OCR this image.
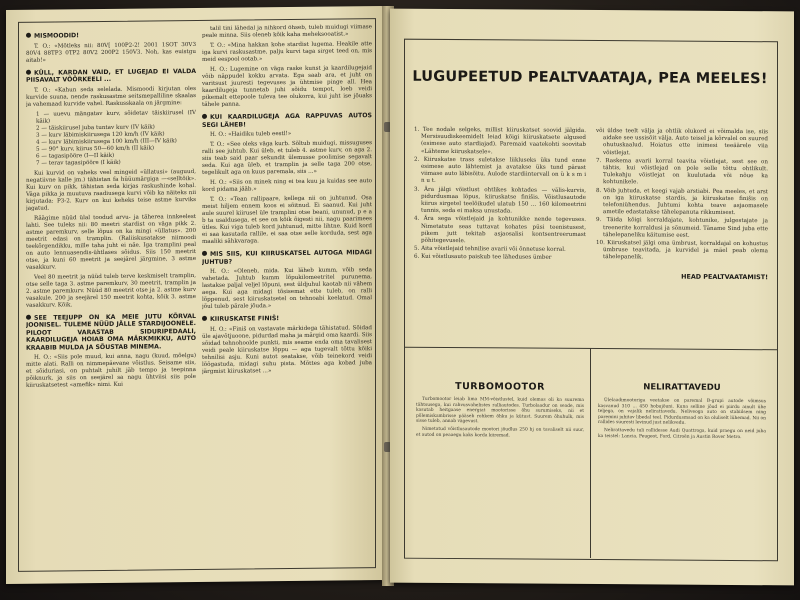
MISMOODID!
T. O.: «Mõtleks nii: 80V[ 100P2-2! 2001 1SOT 30V3 80V4 88TP3 0TP2 80V2 200P2 150V3. Noh, kas euistgu aitab!»
KÜLL, KARDAN VAID, ET LUGEJAD EI VALDA PIISAVALT VÕÕRKEELI ...
T. O.: «Kahun seda selelada. Mismoodi kirjutan oles kurvide suuna, nende raskusastme seitsmepalliline skaalas ja vahemaad kurvide vahel. Raskusskaala on järgmine:
1 — uuevu mängatav kurv, sõidetav täiskiirusel (IV käik)
2 — täiskiirusel juba tuntav kurv (IV käik)
3 — kurv läbimiskiirusega 120 km/h (IV käik)
4 — kurv läbimiskiirusega 100 km/h (III—IV käik)
5 — 90° kurv, kiirus 50—60 km/h (II käik)
6 — tagasipööre (I—II käik)
7 — terav tagasipööre (I käik)
Kui kurvid on vaheks veel mingeid «üllatusi» (auguud, negatiivne kalle jm.) tähistan fa hüüumärgiga —«selltõik». Kui kurv on pikk, tähistan seda kirjas raskushinde kohal. Väga pikka ja muutuva raadiusega kurvi võib ka näiteks nii kirjutada: P3-2. Kurv on kui keheks teise astme kurviks jagatud.
Räägime nüüd ülal toodud arvu- ja täherea innkeelest lahti. See tuleks nii: 80 meetri stardist on väga pikk 2. astme paremkurv, selle lõpus on ka mingi «üllatus». 200 meetrit edasi on tramplin. (Raliiskusatakse niimoodi teekõrgendikku, mille taha juht ei näe. Iga tramplini peal on auto lennuasendis-ühtlases sõidus. Siis 150 meetrit otse, ja kuni 60 meetrit ja seejärel järgmine, 3 astme vasakkurv.
Veel 80 meetrit ja nüüd tuleb terve keskmiselt tramplin, otse selle taga 3. astme paremkurv, 30 meetrit, tramplin ja 2. astme paremkurv. Nüüd 80 meetrit otse ja 2. astme kurv vasakule. 200 ja seejärel 150 meetrit kohta, kõik 3. astme vasakkurv. Kõik.
SEE TEEJUPP ON KA MEIE JUTU KÕRVAL JOONISEL. TULEME NÜÜD JÄLLE STARDIJOONELE. PILOOT VARASTAB SIDURIPEDAALI, KAARDILUGEJA HOIAB OMA MÄRKMIKKU, AUTO KRAABIB MULDA JA SÕUSTAB MINEMA.
H. O.: «Siis pole muud, kui anna, nagu (kuud, mõelgu) mitte alati. Ralli on nimmepäevane võistlus. Seisame siis, et sõiduriasi, on puhtalt juhilt jäb tempo ja teepinna põiknurk, ja siis on seejärel sa nagu ühtviisi siis pole kiiruskatsetest «amefik» nimi. Kui
talil tini lähedal ja nihkord õhseb, tuleb muidugi viimase peale minna. Siis oleneb kõik kaha meheksooatist.»
T. O.: «Mina hakkan kohe stardist lugema. Heakile atte iga kurvi raskusastme, palju kurvi taga sirget teed on, mis meid eespool ootab.»
H. O.: Lugemine on väga raske kunst ja kaardilugejaid võib näppudel kokku arvata. Ega saab ara, et juht on varitsust juuresti tegevuses ja ühtmise pinge all. Hea kaardilugeja tunnetab juhi sõidu tempot, loeb veidi pikemalt ettepoole tuleva tee olukorra, kui juht ise jõuaks tähele panna.
KUI KAARDILUGEJA AGA RAPPUVAS AUTOS SEGI LÄHEB!
H. O.: «Haidiku tuleb eestl!»
T. O.: «See oleks väga kurb. Sõltub muidugi, missuguses ralli see juhtub. Kui üleb, et tuleb 4. astme kurv, on aga 2. siis teab said paar sekundit ülemusse poolimise segavalt seda. Kui aga üleb, et tramplin ja selle taga 200 otse, tegelikult aga on kuus paremala, siis ...»
H. O.: «Siis on minek ning ei tea kuu ja kuidas see auto kord pidama jääb.»
T. O.: «Tean rallipaare, kellega nii on juhtunud. Osa meist hiljem ennem koos ei sõitnud. Ei saanud. Kui juht aule suurel kiirusel üle tramplini otse beani, ununud, p e a b ta usaldusega, et see on kõik õigesti nii, nagu paarimees ütles. Kui viga tuleb kord juhtunud, mitte lihtne. Kuid kord ei saa kasutada rallile, ei saa otse selle korduda, sest aga maaliki sähkvaraga.
MIS SIIS, KUI KIIRUSKATSEL AUTOGA MIDAGI JUHTUB?
H. O.: «Oleneb, mida. Kui läheb kumm, võib seda vahetada. Juhtub kumm lõpukilomeetritel purunema, lastakse paljal veljel lõpuni, sest üldjuhul kaotab nii vähem aega. Kui aga midagi tõsisemat ette tuleb, on ralli lõppenud, sest kiiruskatsetel on tehnoabi keelatud. Omal jõul tuleb pärale jõuda.»
KIIRUSKATSE FINIŠ!
H. O.: «Finiš on vastavate märkidega tähistatud. Sõidad üle ajavõtjuoone, pidurdad maha ja märgid oma kaardi. Siis sõidad tehnohoolde punkti, mis seame enda oma tavalisest veidi peale kiiruskatse lõppu — aga tugevalt tõttu kõiki tehnilisi asju. Kuni autot seatakse, võib teinekord veidi lõõgastuda, midagi suhu pista. Mõttes aga kobad juba järgmist kiiruskatset ...»
LUGUPEETUD PEALTVAATAJA, PEA MEELES!
1. Tee nodale selgeks, millist kiiruskatset soovid jälgida. Mersisuudiskeemidelt leiad kõigi kiiruskatsete algused (esimese auto stardiajad). Paremaid vaatekohti soovitab «Lähteme kiiruskatsele».
2. Kiiruskatse trass suletakse liikluseks üks tund enne esimese auto lähtemist ja avatakse üks tund pärast viimase auto läbisõitu. Aulode stardiintervall on ü k s m i n u t.
3. Ära jälgi võistlust ohtlikes kohtades — välis-kurvis, pidurdusmaa lõpus, kiiruskatse finišis. Võistlusautode kiirus sirgetel teelõikudel ulatub 150 ... 160 kilomeetrini tunnis, seda ei maksa unustada.
4. Ära sega võistlejaid ja kohtunikke nende tegevuses. Nimetatute seas tuttavat kohates püsi teenistusest, pikem jutt tekitab asjaosalisi kontsentreerumast põhitegevusele.
5. Aita võistlejaid tehnilise avarii või õnnetuse korral.
6. Kui võistlusauto paiskub tee läheduses ümber
või üldse teelt välja ja ohtlik olukord ei võimalda ise, siis aidake see ussisõit välja. Auto teisel ja kõrvalel on suured ohutuskaalud. Hoiatus ette inimesi teeäärele viia võistlejat.
7. Raskema avarii korral teavita võistlejat, sest see on tähtis, kui võistlejad on pole selle tõttu ohtlikult. Tulekahju võistlejat on kuulutada või nõue ka kohtunikele.
8. Võib juhtuda, et keegi vajab arstiabi. Pea meeles, et arst on iga kiiruskatse stardis, ja kiiruskatse finišis on telefoniühendus. Juhtumi kohta teave asjaomasele ametile edastatakse tähelepanuta rikkumisest.
9. Täida kõigi korraldajate, kohtunike, julgestajate ja treenerite korraldusi ja sõnumeid. Täname Sind juba ette tähelepaneliku käitumise eest.
10. Kiiruskatsel jälgi oma ümbrust, korraldajal on kohustus ümbruse teavitada, ja kurvidel ja mäel peab olema tähelepanelik.
HEAD PEALTVAATAMIST!
TURBOMOOTOR	NELIRATTAVEDU

Turbomootor leiab lima MM-võistlustel, kuid olemas oli ka suurema tähtsusega, kui rahvusvahelistes ralliautodes. Turbolaadur on seade, mis kasutab heitgaase energiat mootorisse õhu surumiseks, nii et põlemiskambrisse pääseb rohkem õhku ja kütust. Suurem õhuhulk, mis sisse tuleb, annab vägevust.

Nimetatud võistlusautode mootori jõudlus 250 hj on tavaliselt nii suur, et autod on peaaegu kaks korda kiiremad.

Ülelaadimootorigа veetakse on paremal B-grupi autode võimsus kasvanud 310 ... 450 hobujõuni. Kuna selline jõud ei piirdu ainult ühe teljega, on vajalik nelirattavedu. Neliveoga auto on stabiilsem ning paremini juhitav libedal teel. Pidurdusmaad on ka oluliselt lühemad. Nii on rallides suuresti levinud just nelikvedu.

Nelirattavedu tuli rallidesse Audi Quattroga, kuid praegu on neid juba ka teistel: Lancia, Peugeot, Ford, Citroën ja Austin Rover Metro.
